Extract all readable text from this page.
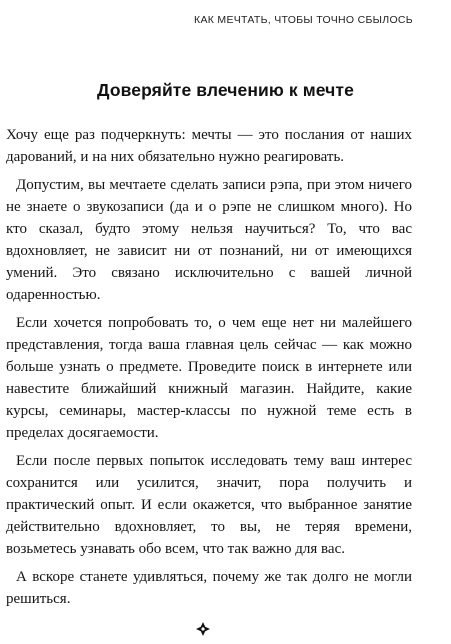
КАК МЕЧТАТЬ, ЧТОБЫ ТОЧНО СБЫЛОСЬ
Доверяйте влечению к мечте

Хочу еще раз подчеркнуть: мечты — это послания от наших дарований, и на них обязательно нужно реагировать.

Допустим, вы мечтаете сделать записи рэпа, при этом ничего не знаете о звукозаписи (да и о рэпе не слишком много). Но кто сказал, будто этому нельзя научиться? То, что вас вдохновляет, не зависит ни от познаний, ни от имеющихся умений. Это связано исключительно с вашей личной одаренностью.

Если хочется попробовать то, о чем еще нет ни малейшего представления, тогда ваша главная цель сейчас — как можно больше узнать о предмете. Проведите поиск в интернете или навестите ближайший книжный магазин. Найдите, какие курсы, семинары, мастер-классы по нужной теме есть в пределах досягаемости.

Если после первых попыток исследовать тему ваш интерес сохранится или усилится, значит, пора получить и практический опыт. И если окажется, что выбранное занятие действительно вдохновляет, то вы, не теряя времени, возьметесь узнавать обо всем, что так важно для вас.

А вскоре станете удивляться, почему же так долго не могли решиться.
